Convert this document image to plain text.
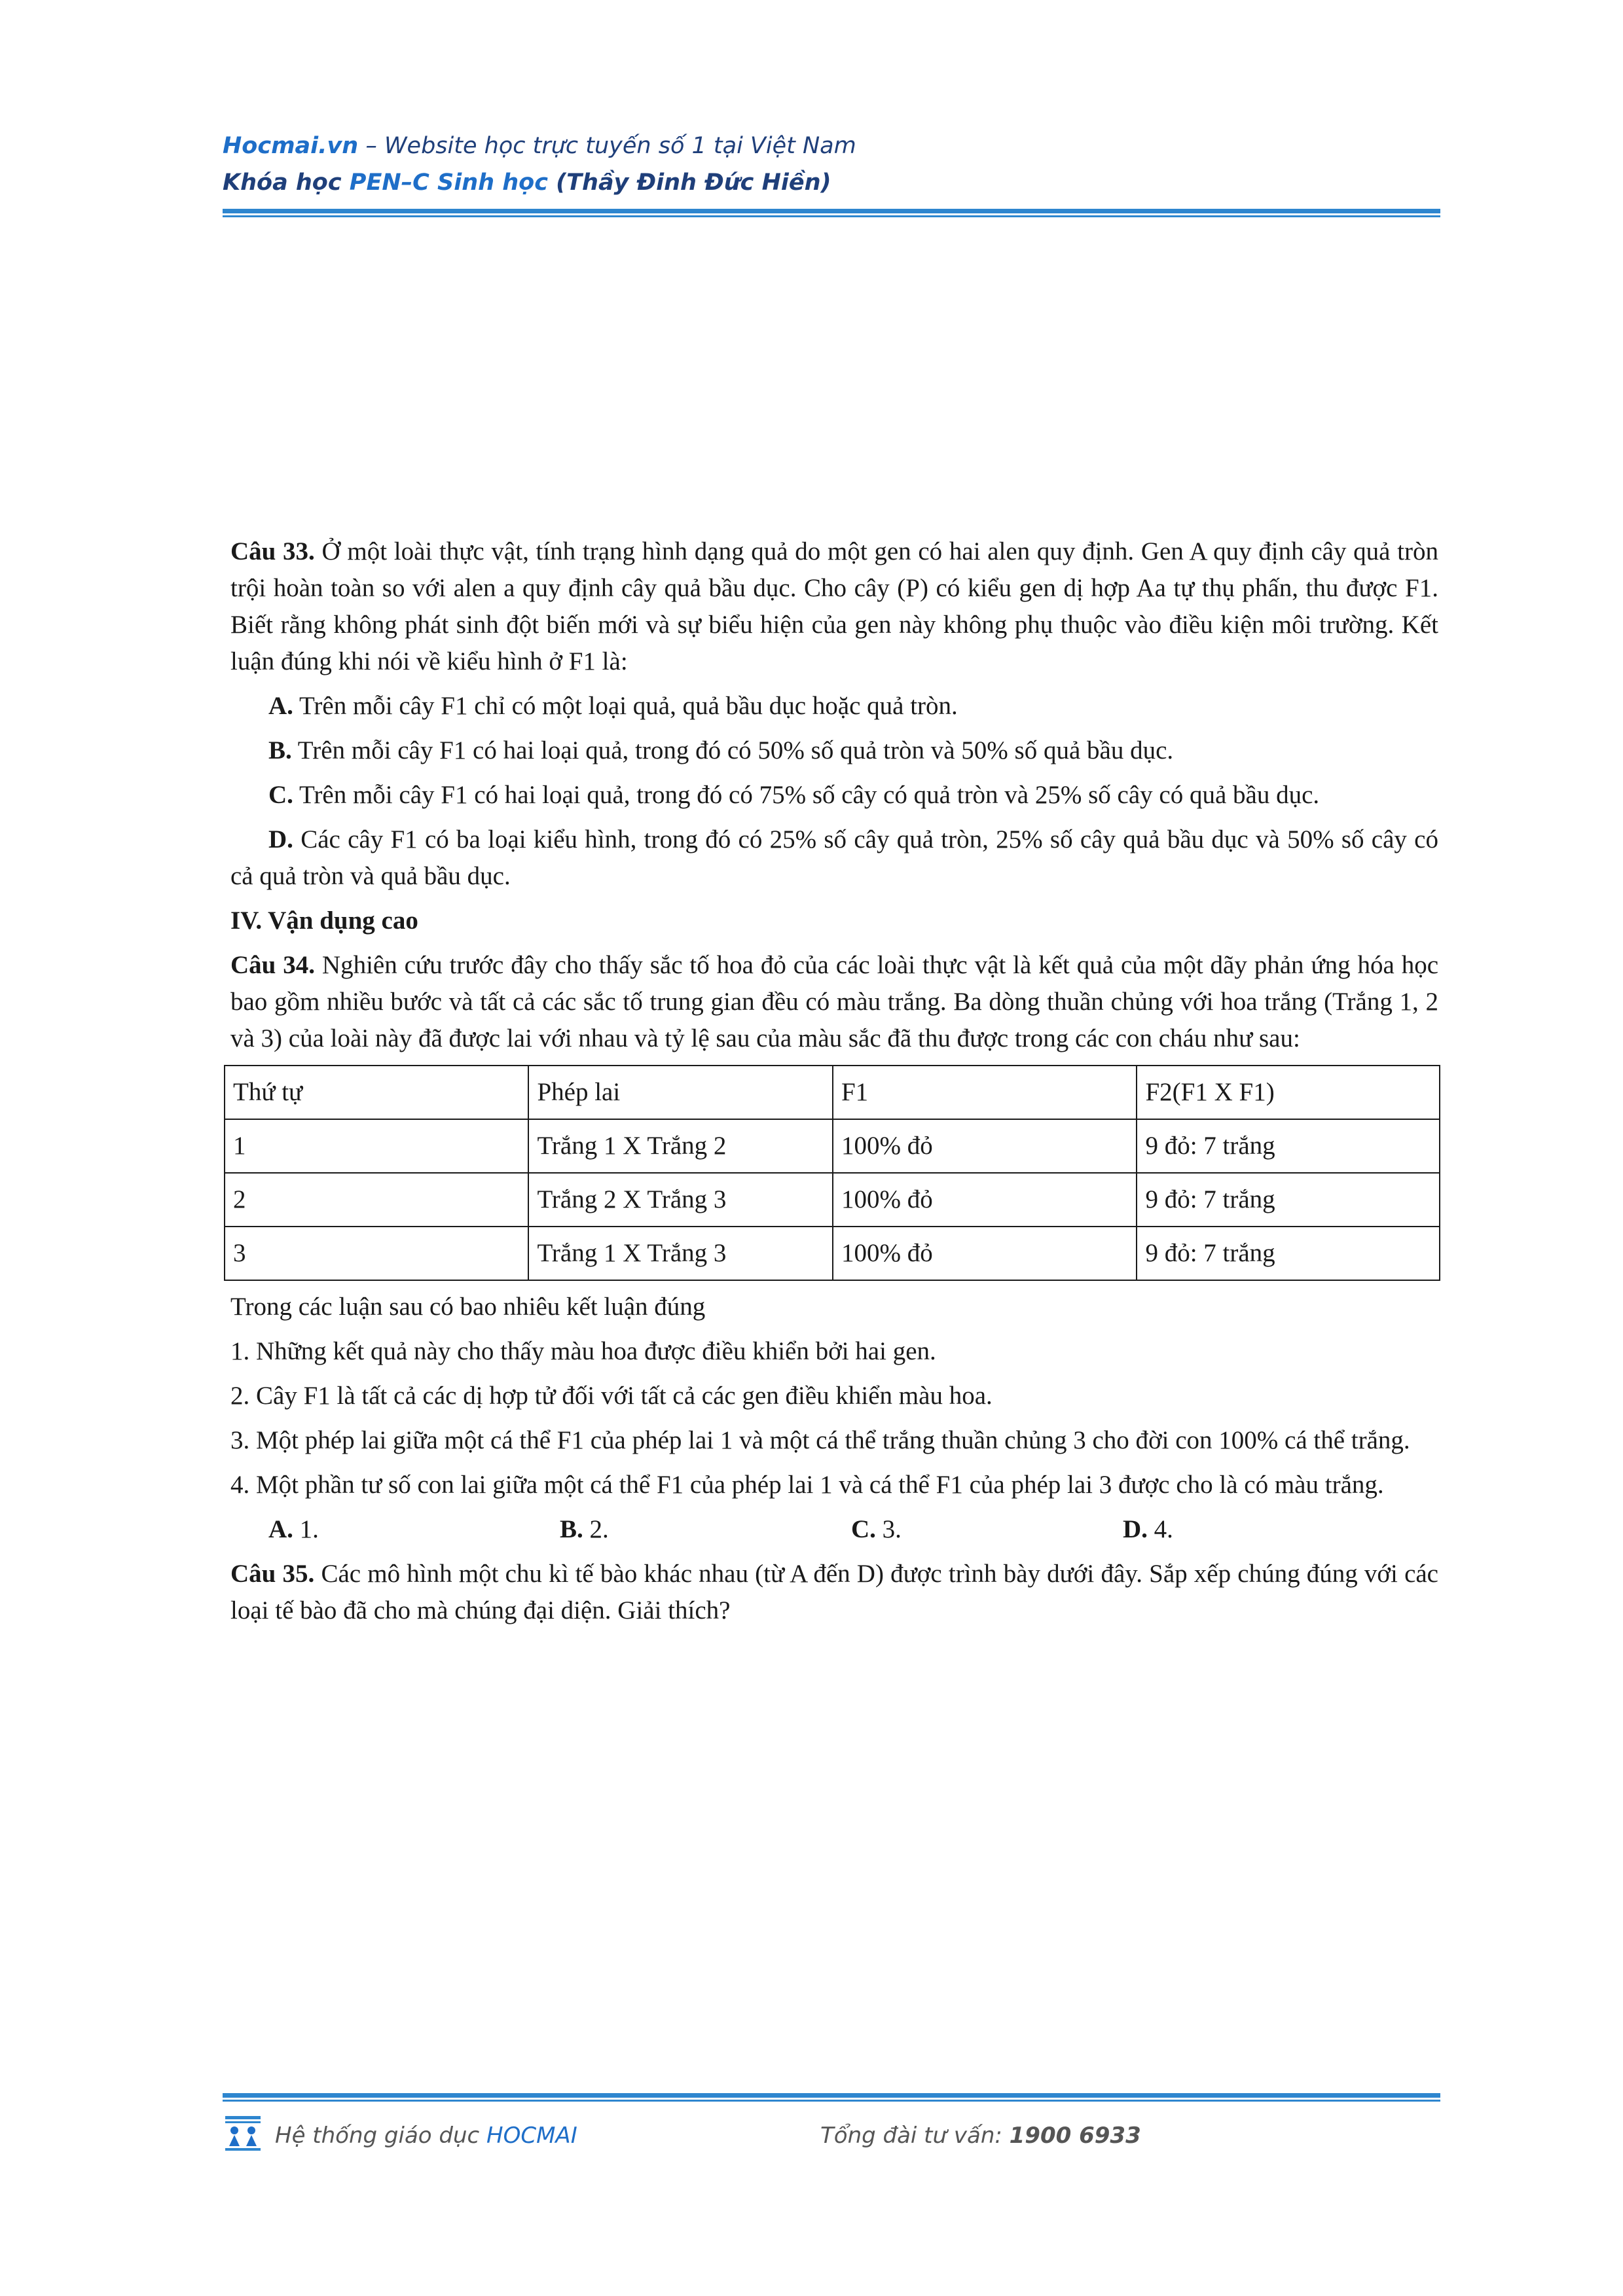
Hocmai.vn – Website học trực tuyến số 1 tại Việt Nam
Khóa học PEN–C Sinh học (Thầy Đinh Đức Hiền)

Câu 33. Ở một loài thực vật, tính trạng hình dạng quả do một gen có hai alen quy định. Gen A quy định cây quả tròn trội hoàn toàn so với alen a quy định cây quả bầu dục. Cho cây (P) có kiểu gen dị hợp Aa tự thụ phấn, thu được F1. Biết rằng không phát sinh đột biến mới và sự biểu hiện của gen này không phụ thuộc vào điều kiện môi trường. Kết luận đúng khi nói về kiểu hình ở F1 là:

A. Trên mỗi cây F1 chỉ có một loại quả, quả bầu dục hoặc quả tròn.

B. Trên mỗi cây F1 có hai loại quả, trong đó có 50% số quả tròn và 50% số quả bầu dục.

C. Trên mỗi cây F1 có hai loại quả, trong đó có 75% số cây có quả tròn và 25% số cây có quả bầu dục.

D. Các cây F1 có ba loại kiểu hình, trong đó có 25% số cây quả tròn, 25% số cây quả bầu dục và 50% số cây có cả quả tròn và quả bầu dục.

IV. Vận dụng cao

Câu 34. Nghiên cứu trước đây cho thấy sắc tố hoa đỏ của các loài thực vật là kết quả của một dãy phản ứng hóa học bao gồm nhiều bước và tất cả các sắc tố trung gian đều có màu trắng. Ba dòng thuần chủng với hoa trắng (Trắng 1, 2 và 3) của loài này đã được lai với nhau và tỷ lệ sau của màu sắc đã thu được trong các con cháu như sau:

Thứ tự	Phép lai	F1	F2(F1 X F1)
1	Trắng 1 X Trắng 2	100% đỏ	9 đỏ: 7 trắng
2	Trắng 2 X Trắng 3	100% đỏ	9 đỏ: 7 trắng
3	Trắng 1 X Trắng 3	100% đỏ	9 đỏ: 7 trắng

Trong các luận sau có bao nhiêu kết luận đúng

1. Những kết quả này cho thấy màu hoa được điều khiển bởi hai gen.

2. Cây F1 là tất cả các dị hợp tử đối với tất cả các gen điều khiển màu hoa.

3. Một phép lai giữa một cá thể F1 của phép lai 1 và một cá thể trắng thuần chủng 3 cho đời con 100% cá thể trắng.

4. Một phần tư số con lai giữa một cá thể F1 của phép lai 1 và cá thể F1 của phép lai 3 được cho là có màu trắng.

A. 1.	B. 2.	C. 3.	D. 4.

Câu 35. Các mô hình một chu kì tế bào khác nhau (từ A đến D) được trình bày dưới đây. Sắp xếp chúng đúng với các loại tế bào đã cho mà chúng đại diện. Giải thích?

Hệ thống giáo dục HOCMAI	Tổng đài tư vấn: 1900 6933
